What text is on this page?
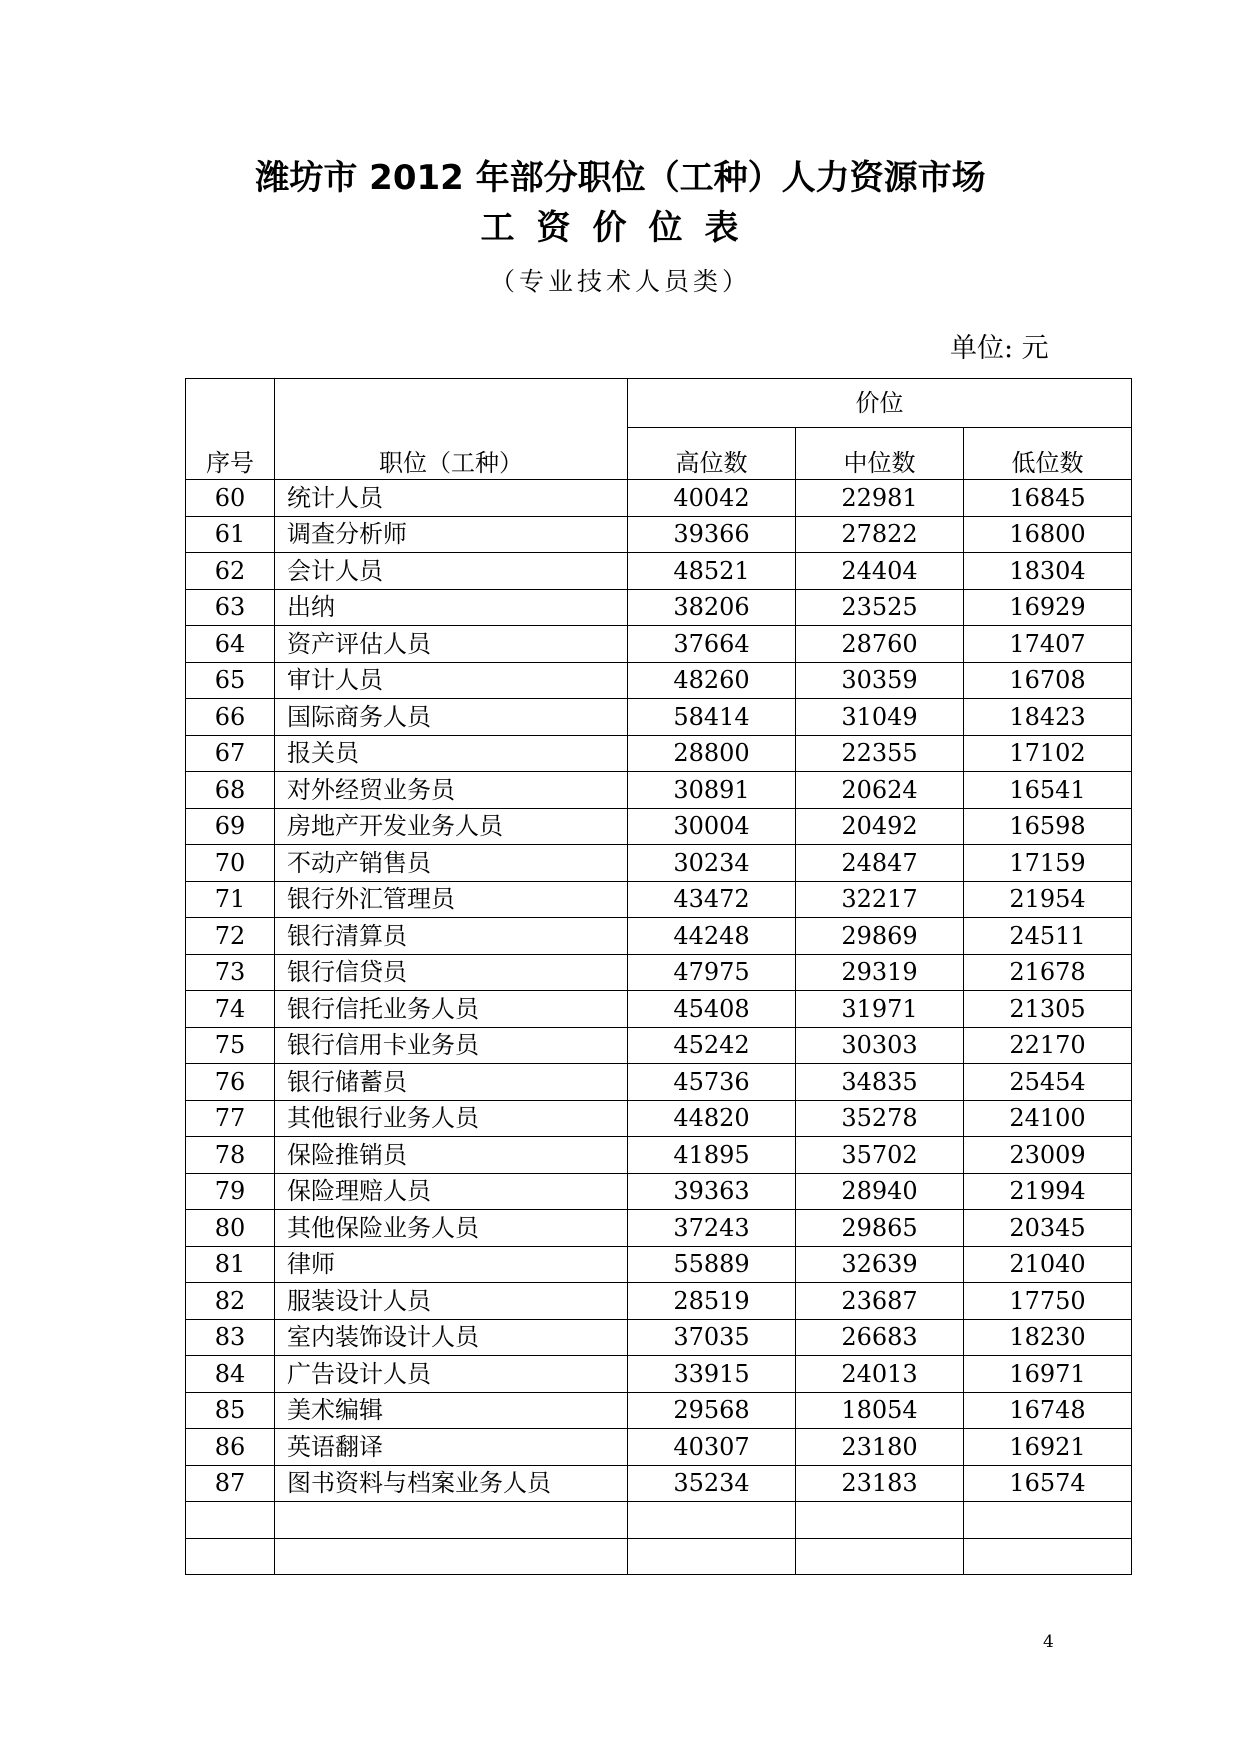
潍坊市 2012 年部分职位（工种）人力资源市场
工资价位表
（专业技术人员类）
单位: 元
序号	职位（工种）	价位		
		高位数	中位数	低位数
60	统计人员	40042	22981	16845
61	调查分析师	39366	27822	16800
62	会计人员	48521	24404	18304
63	出纳	38206	23525	16929
64	资产评估人员	37664	28760	17407
65	审计人员	48260	30359	16708
66	国际商务人员	58414	31049	18423
67	报关员	28800	22355	17102
68	对外经贸业务员	30891	20624	16541
69	房地产开发业务人员	30004	20492	16598
70	不动产销售员	30234	24847	17159
71	银行外汇管理员	43472	32217	21954
72	银行清算员	44248	29869	24511
73	银行信贷员	47975	29319	21678
74	银行信托业务人员	45408	31971	21305
75	银行信用卡业务员	45242	30303	22170
76	银行储蓄员	45736	34835	25454
77	其他银行业务人员	44820	35278	24100
78	保险推销员	41895	35702	23009
79	保险理赔人员	39363	28940	21994
80	其他保险业务人员	37243	29865	20345
81	律师	55889	32639	21040
82	服装设计人员	28519	23687	17750
83	室内装饰设计人员	37035	26683	18230
84	广告设计人员	33915	24013	16971
85	美术编辑	29568	18054	16748
86	英语翻译	40307	23180	16921
87	图书资料与档案业务人员	35234	23183	16574

4
